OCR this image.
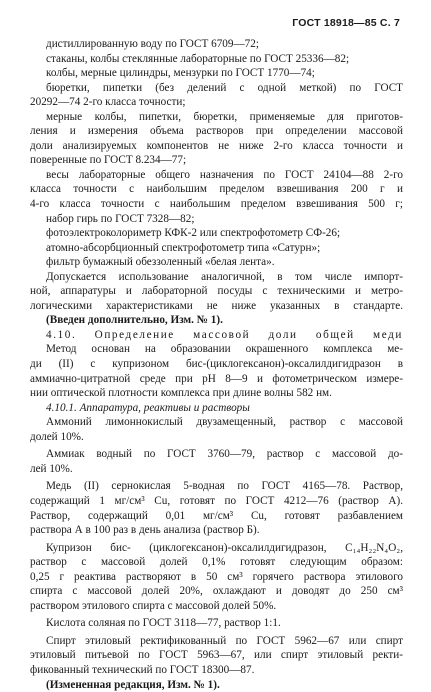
ГОСТ 18918—85 С. 7
дистиллированную воду по ГОСТ 6709—72;
стаканы, колбы стеклянные лабораторные по ГОСТ 25336—82;
колбы, мерные цилиндры, мензурки по ГОСТ 1770—74;
бюретки, пипетки (без делений с одной меткой) по ГОСТ
20292—74 2-го класса точности;
мерные колбы, пипетки, бюретки, применяемые для приготов-
ления и измерения объема растворов при определении массовой
доли анализируемых компонентов не ниже 2-го класса точности и
поверенные по ГОСТ 8.234—77;
весы лабораторные общего назначения по ГОСТ 24104—88 2-го
класса точности с наибольшим пределом взвешивания 200 г и
4-го класса точности с наибольшим пределом взвешивания 500 г;
набор гирь по ГОСТ 7328—82;
фотоэлектроколориметр КФК-2 или спектрофотометр СФ-26;
атомно-абсорбционный спектрофотометр типа «Сатурн»;
фильтр бумажный обеззоленный «белая лента».
Допускается использование аналогичной, в том числе импорт-
ной, аппаратуры и лабораторной посуды с техническими и метро-
логическими характеристиками не ниже указанных в стандарте.
(Введен дополнительно, Изм. № 1).
4.10. Определение массовой доли общей меди
Метод основан на образовании окрашенного комплекса ме-
ди (II) с купризоном бис-(циклогексанон)-оксалилдигидразон в
аммиачно-цитратной среде при pH 8—9 и фотометрическом измере-
нии оптической плотности комплекса при длине волны 582 нм.
4.10.1. Аппаратура, реактивы и растворы
Аммоний лимоннокислый двузамещенный, раствор с массовой
долей 10%.
Аммиак водный по ГОСТ 3760—79, раствор с массовой до-
лей 10%.
Медь (II) сернокислая 5-водная по ГОСТ 4165—78. Раствор,
содержащий 1 мг/см³ Cu, готовят по ГОСТ 4212—76 (раствор А).
Раствор, содержащий 0,01 мг/см³ Cu, готовят разбавлением
раствора А в 100 раз в день анализа (раствор Б).
Купризон бис- (циклогексанон)-оксалилдигидразон, C₁₄H₂₂N₄O₂,
раствор с массовой долей 0,1% готовят следующим образом:
0,25 г реактива растворяют в 50 см³ горячего раствора этилового
спирта с массовой долей 20%, охлаждают и доводят до 250 см³
раствором этилового спирта с массовой долей 50%.
Кислота соляная по ГОСТ 3118—77, раствор 1:1.
Спирт этиловый ректификованный по ГОСТ 5962—67 или спирт
этиловый питьевой по ГОСТ 5963—67, или спирт этиловый ректи-
фикованный технический по ГОСТ 18300—87.
(Измененная редакция, Изм. № 1).
